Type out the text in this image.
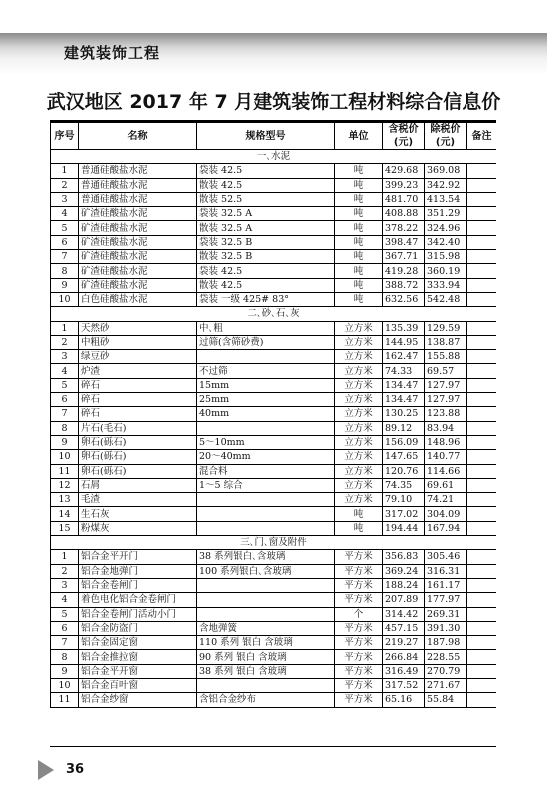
建筑装饰工程
武汉地区 2017 年 7 月建筑装饰工程材料综合信息价
序号	名称	规格型号	单位	含税价(元)	除税价(元)	备注
一､水泥						
1	普通硅酸盐水泥	袋装 42.5	吨	429.68	369.08	
2	普通硅酸盐水泥	散装 42.5	吨	399.23	342.92	
3	普通硅酸盐水泥	散装 52.5	吨	481.70	413.54	
4	矿渣硅酸盐水泥	袋装 32.5 A	吨	408.88	351.29	
5	矿渣硅酸盐水泥	散装 32.5 A	吨	378.22	324.96	
6	矿渣硅酸盐水泥	袋装 32.5 B	吨	398.47	342.40	
7	矿渣硅酸盐水泥	散装 32.5 B	吨	367.71	315.98	
8	矿渣硅酸盐水泥	袋装 42.5	吨	419.28	360.19	
9	矿渣硅酸盐水泥	散装 42.5	吨	388.72	333.94	
10	白色硅酸盐水泥	袋装 一级 425# 83°	吨	632.56	542.48	
二､砂､石､灰						
1	天然砂	中､粗	立方米	135.39	129.59	
2	中粗砂	过筛(含筛砂费)	立方米	144.95	138.87	
3	绿豆砂		立方米	162.47	155.88	
4	炉渣	不过筛	立方米	74.33	69.57	
5	碎石	15mm	立方米	134.47	127.97	
6	碎石	25mm	立方米	134.47	127.97	
7	碎石	40mm	立方米	130.25	123.88	
8	片石(毛石)		立方米	89.12	83.94	
9	卵石(砾石)	5～10mm	立方米	156.09	148.96	
10	卵石(砾石)	20～40mm	立方米	147.65	140.77	
11	卵石(砾石)	混合料	立方米	120.76	114.66	
12	石屑	1～5 综合	立方米	74.35	69.61	
13	毛渣		立方米	79.10	74.21	
14	生石灰		吨	317.02	304.09	
15	粉煤灰		吨	194.44	167.94	
三､门､窗及附件						
1	铝合金平开门	38 系列银白､含玻璃	平方米	356.83	305.46	
2	铝合金地弹门	100 系列银白､含玻璃	平方米	369.24	316.31	
3	铝合金卷闸门		平方米	188.24	161.17	
4	着色电化铝合金卷闸门		平方米	207.89	177.97	
5	铝合金卷闸门活动小门		个	314.42	269.31	
6	铝合金防盗门	含地弹簧	平方米	457.15	391.30	
7	铝合金固定窗	110 系列 银白 含玻璃	平方米	219.27	187.98	
8	铝合金推拉窗	90 系列 银白 含玻璃	平方米	266.84	228.55	
9	铝合金平开窗	38 系列 银白 含玻璃	平方米	316.49	270.79	
10	铝合金百叶窗		平方米	317.52	271.67	
11	铝合金纱窗	含铝合金纱布	平方米	65.16	55.84	
36
